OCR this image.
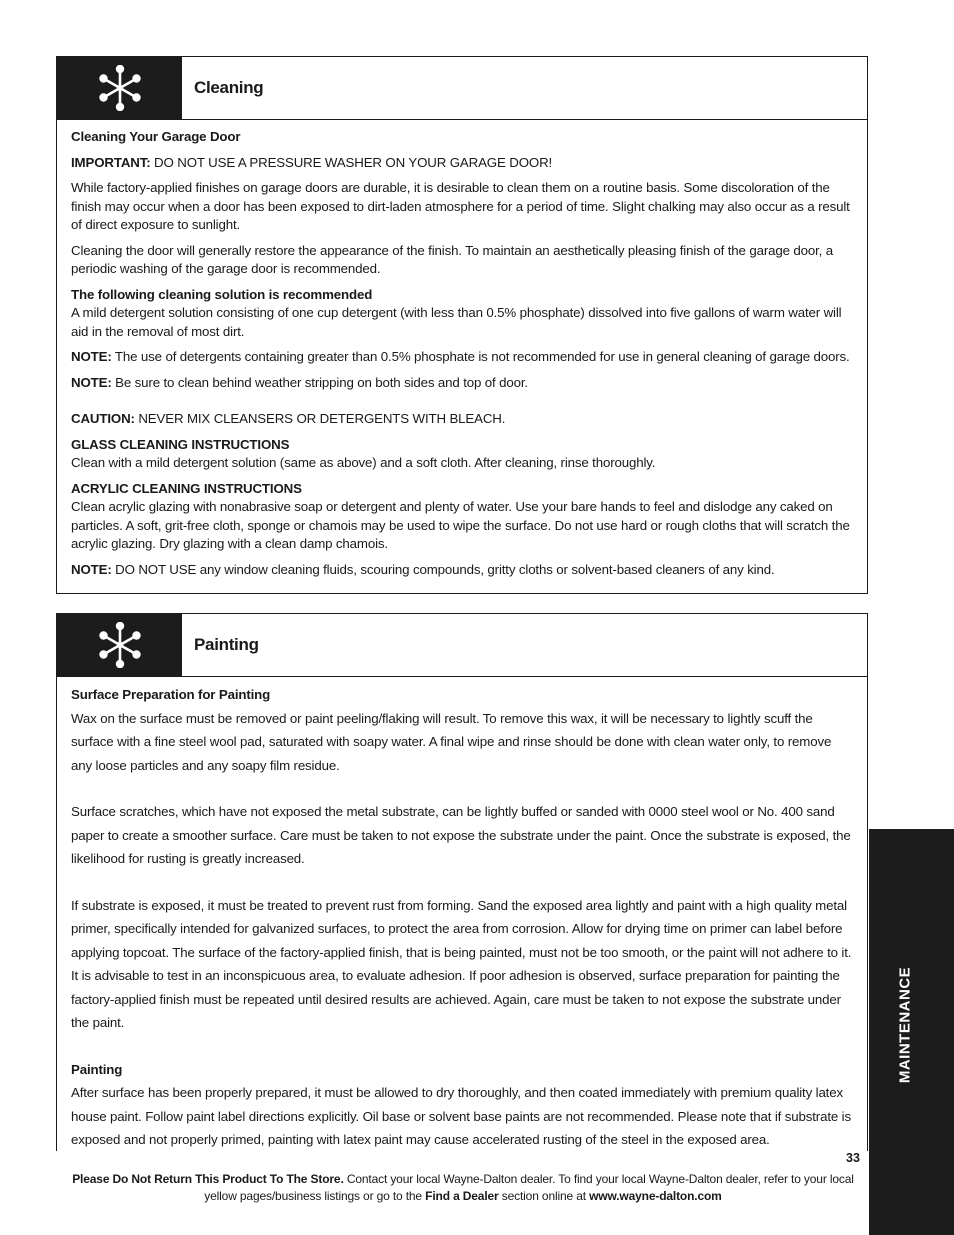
Cleaning

Cleaning Your Garage Door

IMPORTANT: DO NOT USE A PRESSURE WASHER ON YOUR GARAGE DOOR!

While factory-applied finishes on garage doors are durable, it is desirable to clean them on a routine basis. Some discoloration of the finish may occur when a door has been exposed to dirt-laden atmosphere for a period of time. Slight chalking may also occur as a result of direct exposure to sunlight.

Cleaning the door will generally restore the appearance of the finish. To maintain an aesthetically pleasing finish of the garage door, a periodic washing of the garage door is recommended.

The following cleaning solution is recommended
A mild detergent solution consisting of one cup detergent (with less than 0.5% phosphate) dissolved into five gallons of warm water will aid in the removal of most dirt.

NOTE: The use of detergents containing greater than 0.5% phosphate is not recommended for use in general cleaning of garage doors.

NOTE: Be sure to clean behind weather stripping on both sides and top of door.

CAUTION: NEVER MIX CLEANSERS OR DETERGENTS WITH BLEACH.

GLASS CLEANING INSTRUCTIONS
Clean with a mild detergent solution (same as above) and a soft cloth. After cleaning, rinse thoroughly.

ACRYLIC CLEANING INSTRUCTIONS
Clean acrylic glazing with nonabrasive soap or detergent and plenty of water. Use your bare hands to feel and dislodge any caked on particles. A soft, grit-free cloth, sponge or chamois may be used to wipe the surface. Do not use hard or rough cloths that will scratch the acrylic glazing. Dry glazing with a clean damp chamois.

NOTE: DO NOT USE any window cleaning fluids, scouring compounds, gritty cloths or solvent-based cleaners of any kind.

Painting

Surface Preparation for Painting

Wax on the surface must be removed or paint peeling/flaking will result. To remove this wax, it will be necessary to lightly scuff the surface with a fine steel wool pad, saturated with soapy water. A final wipe and rinse should be done with clean water only, to remove any loose particles and any soapy film residue.

Surface scratches, which have not exposed the metal substrate, can be lightly buffed or sanded with 0000 steel wool or No. 400 sand paper to create a smoother surface. Care must be taken to not expose the substrate under the paint. Once the substrate is exposed, the likelihood for rusting is greatly increased.

If substrate is exposed, it must be treated to prevent rust from forming. Sand the exposed area lightly and paint with a high quality metal primer, specifically intended for galvanized surfaces, to protect the area from corrosion. Allow for drying time on primer can label before applying topcoat. The surface of the factory-applied finish, that is being painted, must not be too smooth, or the paint will not adhere to it. It is advisable to test in an inconspicuous area, to evaluate adhesion. If poor adhesion is observed, surface preparation for painting the factory-applied finish must be repeated until desired results are achieved. Again, care must be taken to not expose the substrate under the paint.

Painting

After surface has been properly prepared, it must be allowed to dry thoroughly, and then coated immediately with premium quality latex house paint. Follow paint label directions explicitly. Oil base or solvent base paints are not recommended. Please note that if substrate is exposed and not properly primed, painting with latex paint may cause accelerated rusting of the steel in the exposed area.

MAINTENANCE
33
Please Do Not Return This Product To The Store. Contact your local Wayne-Dalton dealer. To find your local Wayne-Dalton dealer, refer to your local yellow pages/business listings or go to the Find a Dealer section online at www.wayne-dalton.com
